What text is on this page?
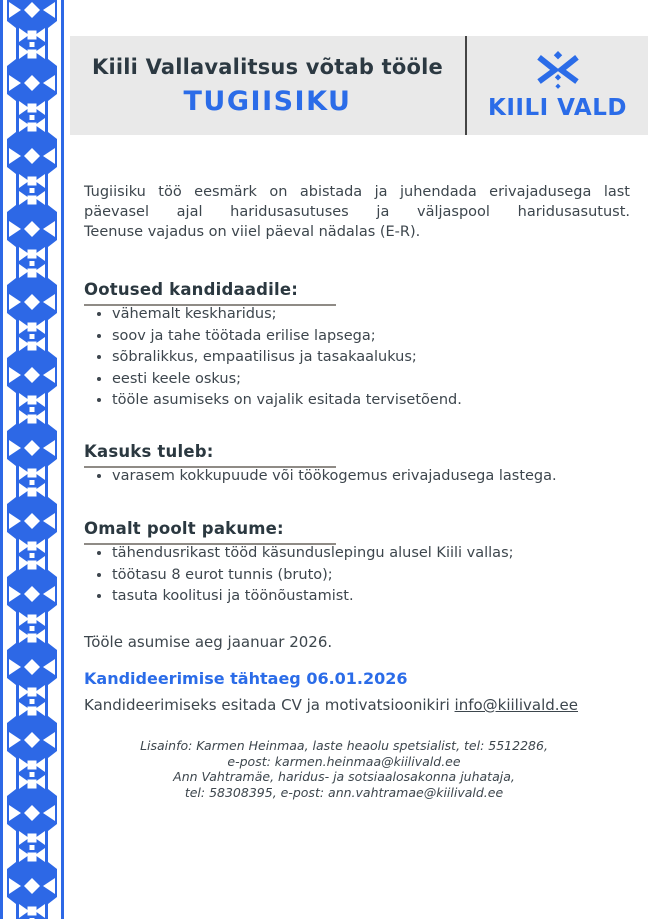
Kiili Vallavalitsus võtab tööle
TUGIISIKU	KIILI VALD
Tugiisiku töö eesmärk on abistada ja juhendada erivajadusega last
päevasel ajal haridusasutuses ja väljaspool haridusasutust.
Teenuse vajadus on viiel päeval nädalas (E-R).
Ootused kandidaadile:
• vähemalt keskharidus;
• soov ja tahe töötada erilise lapsega;
• sõbralikkus, empaatilisus ja tasakaalukus;
• eesti keele oskus;
• tööle asumiseks on vajalik esitada tervisetõend.
Kasuks tuleb:
• varasem kokkupuude või töökogemus erivajadusega lastega.
Omalt poolt pakume:
• tähendusrikast tööd käsunduslepingu alusel Kiili vallas;
• töötasu 8 eurot tunnis (bruto);
• tasuta koolitusi ja töönõustamist.
Tööle asumise aeg jaanuar 2026.
Kandideerimise tähtaeg 06.01.2026
Kandideerimiseks esitada CV ja motivatsioonikiri info@kiilivald.ee
Lisainfo: Karmen Heinmaa, laste heaolu spetsialist, tel: 5512286,
e-post: karmen.heinmaa@kiilivald.ee
Ann Vahtramäe, haridus- ja sotsiaalosakonna juhataja,
tel: 58308395, e-post: ann.vahtramae@kiilivald.ee
